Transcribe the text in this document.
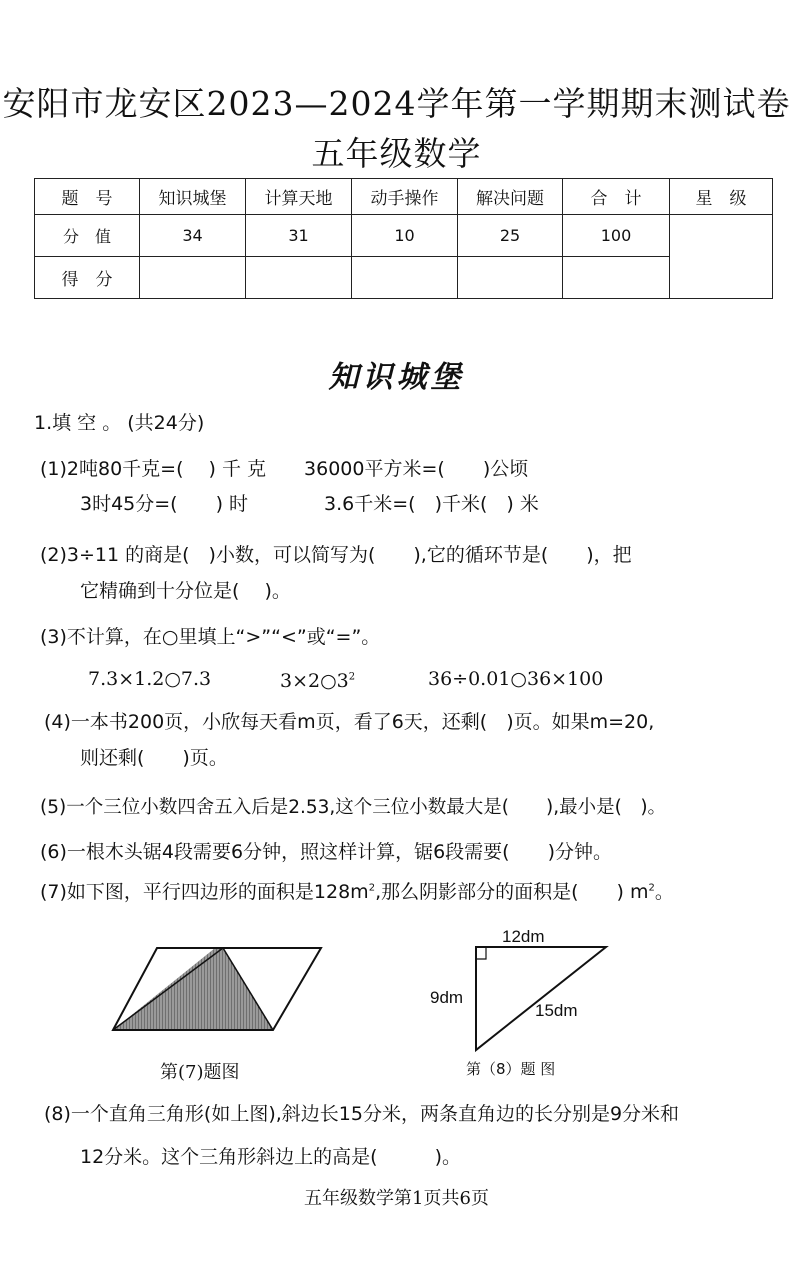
安阳市龙安区2023—2024学年第一学期期末测试卷
五年级数学
题　号	知识城堡	计算天地	动手操作	解决问题	合　计	星　级
分　值	34	31	10	25	100	
得　分						
知识城堡
1.填 空 。 (共24分)
(1)2吨80千克=(　 ) 千 克　　36000平方米=(　　)公顷
3时45分=(　　) 时　　　　3.6千米=(　)千米(　) 米
(2)3÷11 的商是(　)小数，可以简写为(　　),它的循环节是(　　)，把
它精确到十分位是(　 )。
(3)不计算，在○里填上“>”“<”或“=”。
7.3×1.2○7.3	$3\times 2○3^2$	36÷0.01○36×100
(4)一本书200页，小欣每天看m页，看了6天，还剩(　)页。如果m=20,
则还剩(　　)页。
(5)一个三位小数四舍五入后是2.53,这个三位小数最大是(　　),最小是(　)。
(6)一根木头锯4段需要6分钟，照这样计算，锯6段需要(　　)分钟。
(7)如下图，平行四边形的面积是$128m^2$,那么阴影部分的面积是(　　) $m^2$。
第(7)题图
12dm
9dm
15dm
第（8）题 图
(8)一个直角三角形(如上图),斜边长15分米，两条直角边的长分别是9分米和
12分米。这个三角形斜边上的高是(　　　)。
五年级数学第1页共6页
